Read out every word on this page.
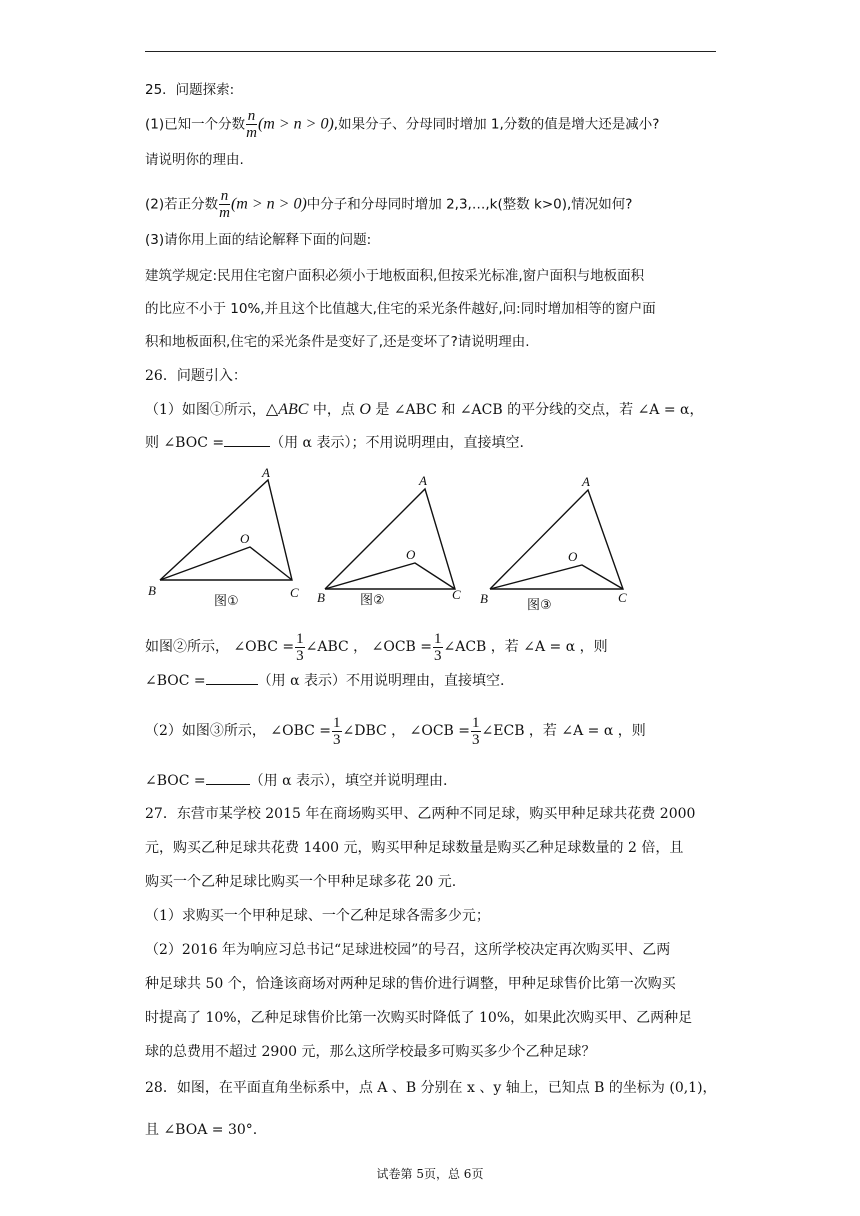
25．问题探索:
(1)已知一个分数 $\frac{n}{m} (m > n > 0)$,如果分子、分母同时增加 1,分数的值是增大还是减小?
请说明你的理由.
(2)若正分数 $\frac{n}{m} (m > n > 0)$中分子和分母同时增加 2,3,…,k(整数 k>0),情况如何?
(3)请你用上面的结论解释下面的问题:
建筑学规定:民用住宅窗户面积必须小于地板面积,但按采光标准,窗户面积与地板面积
的比应不小于 10%,并且这个比值越大,住宅的采光条件越好,问:同时增加相等的窗户面
积和地板面积,住宅的采光条件是变好了,还是变坏了?请说明理由.
26．问题引入：
（1）如图①所示，△ABC 中，点 O 是 ∠ABC 和 ∠ACB 的平分线的交点，若 ∠A = α，
则 ∠BOC =	（用 α 表示）；不用说明理由，直接填空.
A
O
B	C
A
O
B	C
A
O
B	C
图①	图②	图③
如图②所示， ∠OBC = $\frac{1}{3}$ ∠ABC ， ∠OCB = $\frac{1}{3}$ ∠ACB ，若 ∠A = α ，则
∠BOC =	（用 α 表示）不用说明理由，直接填空.
（2）如图③所示， ∠OBC = $\frac{1}{3}$ ∠DBC ， ∠OCB = $\frac{1}{3}$ ∠ECB ，若 ∠A = α ，则
∠BOC =	（用 α 表示），填空并说明理由.
27．东营市某学校 2015 年在商场购买甲、乙两种不同足球，购买甲种足球共花费 2000
元，购买乙种足球共花费 1400 元，购买甲种足球数量是购买乙种足球数量的 2 倍，且
购买一个乙种足球比购买一个甲种足球多花 20 元.
（1）求购买一个甲种足球、一个乙种足球各需多少元；
（2）2016 年为响应习总书记“足球进校园”的号召，这所学校决定再次购买甲、乙两
种足球共 50 个，恰逢该商场对两种足球的售价进行调整，甲种足球售价比第一次购买
时提高了 10%，乙种足球售价比第一次购买时降低了 10%，如果此次购买甲、乙两种足
球的总费用不超过 2900 元，那么这所学校最多可购买多少个乙种足球？
28．如图，在平面直角坐标系中，点 A 、B 分别在 x 、y 轴上，已知点 B 的坐标为 (0,1)，
且 ∠BOA = 30°.
试卷第 5页，总 6页
